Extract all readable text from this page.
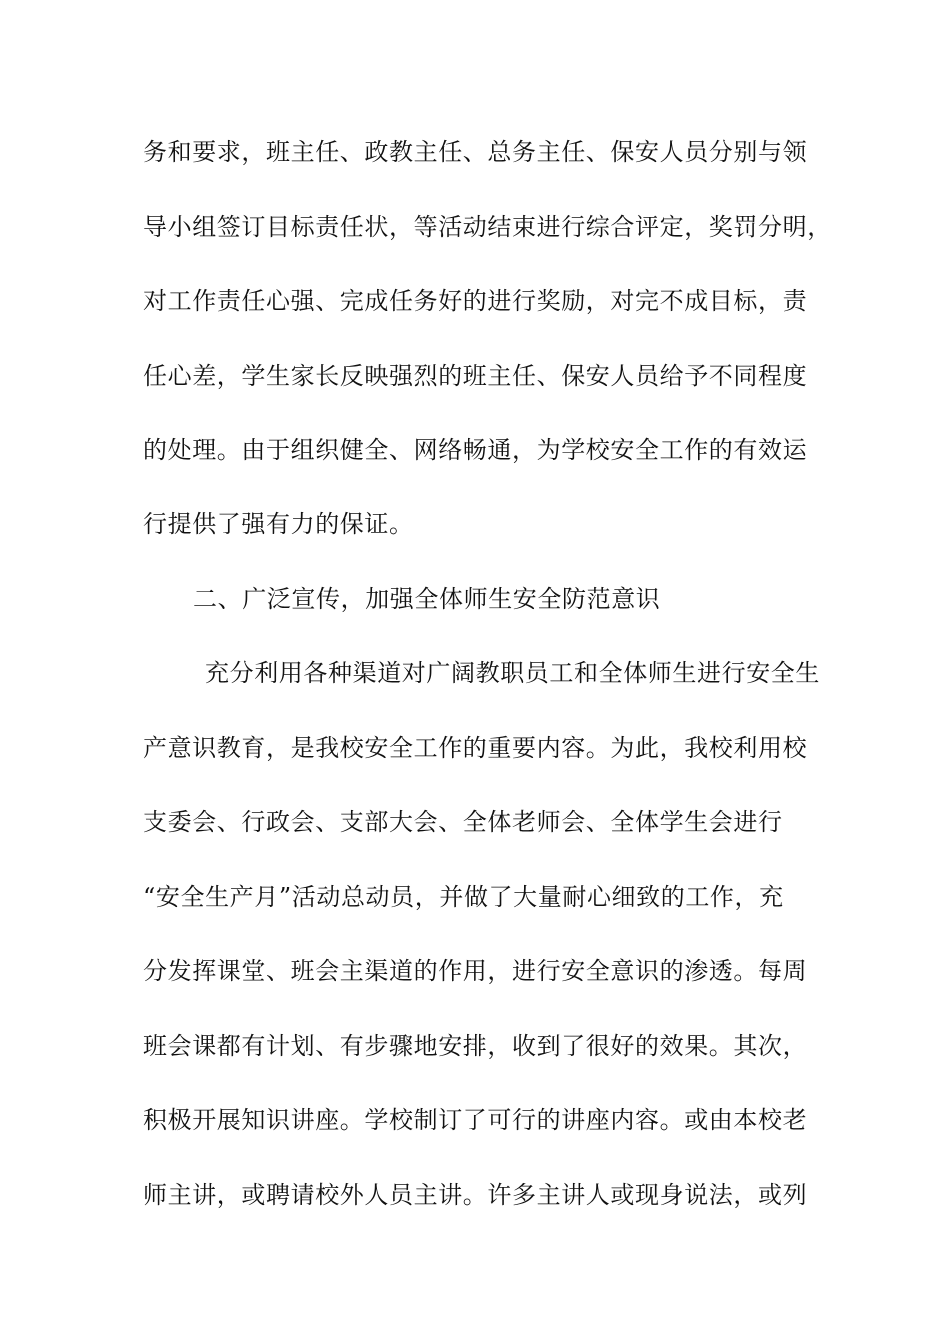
务和要求，班主任、政教主任、总务主任、保安人员分别与领
导小组签订目标责任状，等活动结束进行综合评定，奖罚分明，
对工作责任心强、完成任务好的进行奖励，对完不成目标，责
任心差，学生家长反映强烈的班主任、保安人员给予不同程度
的处理。由于组织健全、网络畅通，为学校安全工作的有效运
行提供了强有力的保证。
二、广泛宣传，加强全体师生安全防范意识
充分利用各种渠道对广阔教职员工和全体师生进行安全生
产意识教育，是我校安全工作的重要内容。为此，我校利用校
支委会、行政会、支部大会、全体老师会、全体学生会进行
“安全生产月”活动总动员，并做了大量耐心细致的工作，充
分发挥课堂、班会主渠道的作用，进行安全意识的渗透。每周
班会课都有计划、有步骤地安排，收到了很好的效果。其次，
积极开展知识讲座。学校制订了可行的讲座内容。或由本校老
师主讲，或聘请校外人员主讲。许多主讲人或现身说法，或列
